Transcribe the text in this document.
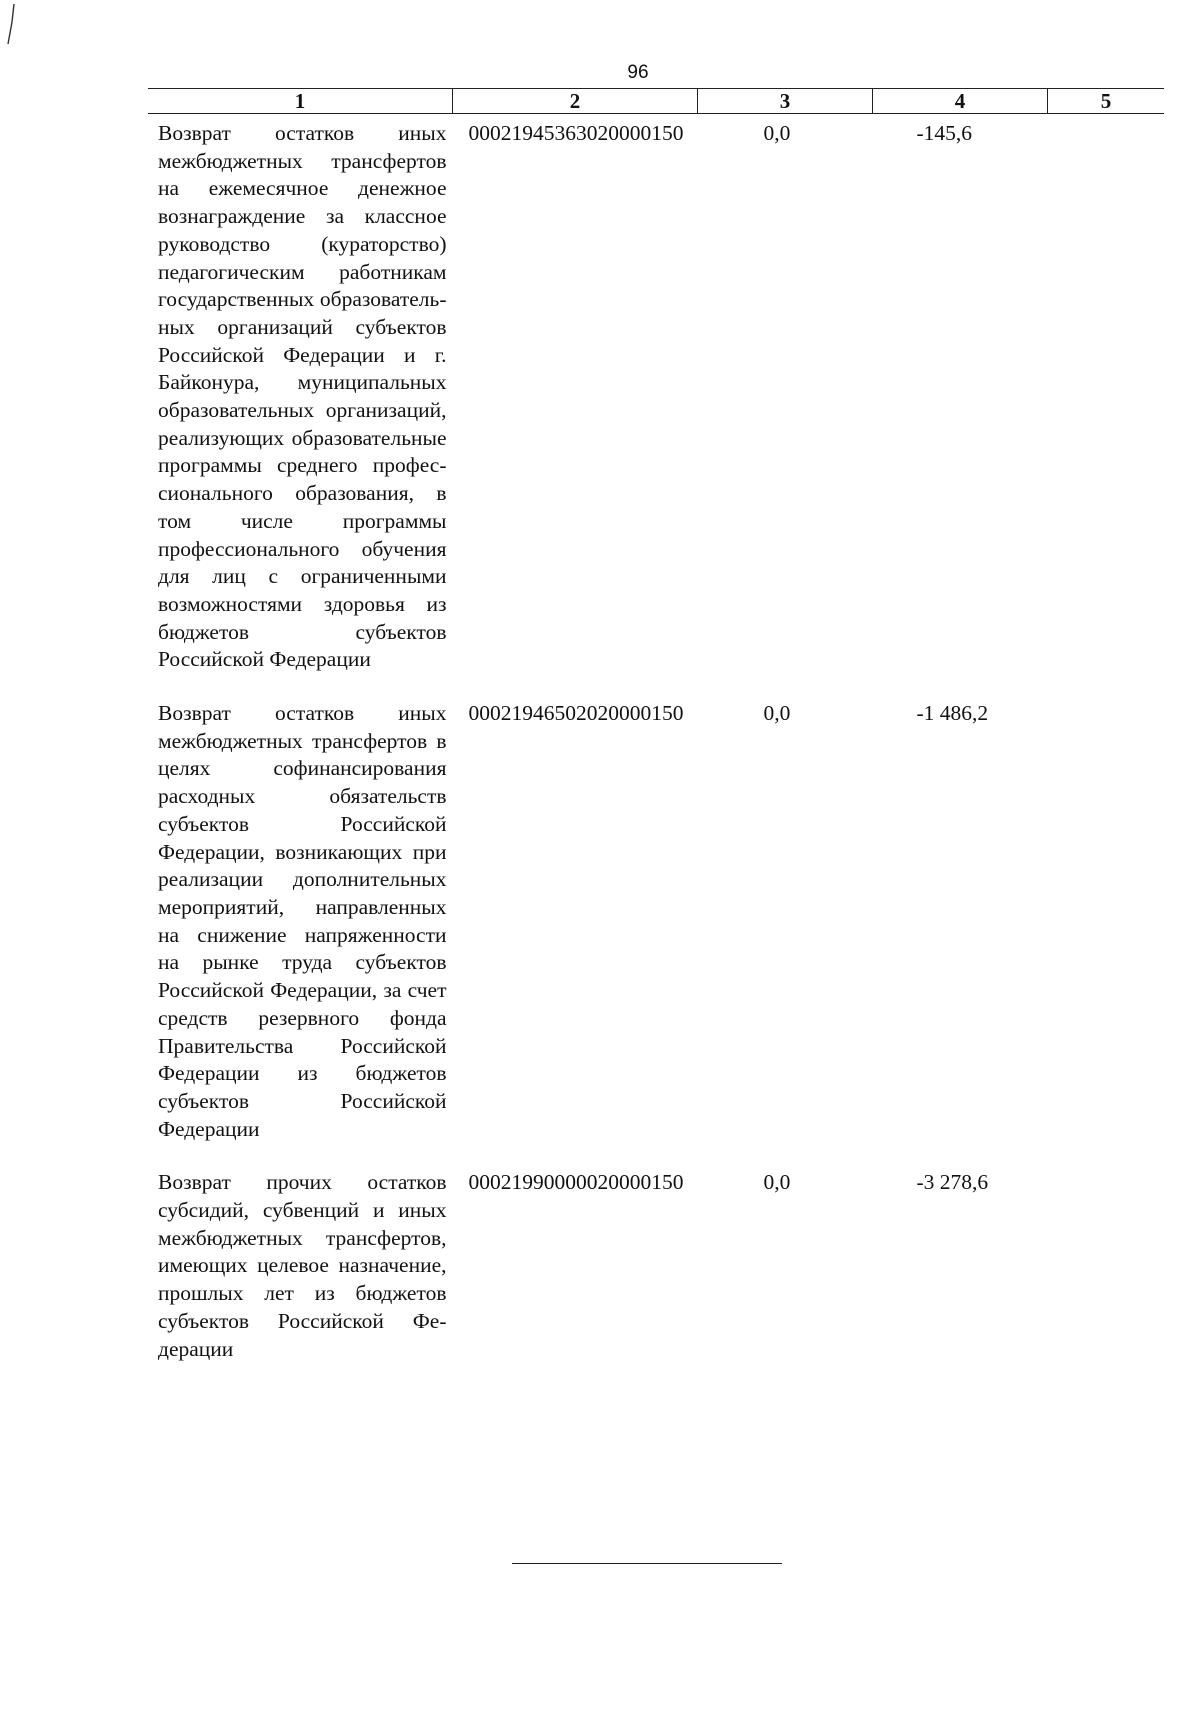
96
1	2	3	4	5
Возврат остатков иных межбюджетных трансфертов на ежемесячное денежное вознаграждение за классное руководство (кураторство) педагогическим работникам государственных образовательных организаций субъектов Российской Федерации и г. Байконура, муниципальных образовательных организаций, реализующих образовательные программы среднего профессионального образования, в том числе программы профессионального обучения для лиц с ограниченными возможностями здоровья из бюджетов субъектов Российской Федерации	00021945363020000150	0,0	-145,6	
Возврат остатков иных межбюджетных трансфертов в целях софинансирования расходных обязательств субъектов Российской Федерации, возникающих при реализации дополнительных мероприятий, направленных на снижение напряженности на рынке труда субъектов Российской Федерации, за счет средств резервного фонда Правительства Российской Федерации из бюджетов субъектов Российской Федерации	00021946502020000150	0,0	-1 486,2	
Возврат прочих остатков субсидий, субвенций и иных межбюджетных трансфертов, имеющих целевое назначение, прошлых лет из бюджетов субъектов Российской Федерации	00021990000020000150	0,0	-3 278,6	
